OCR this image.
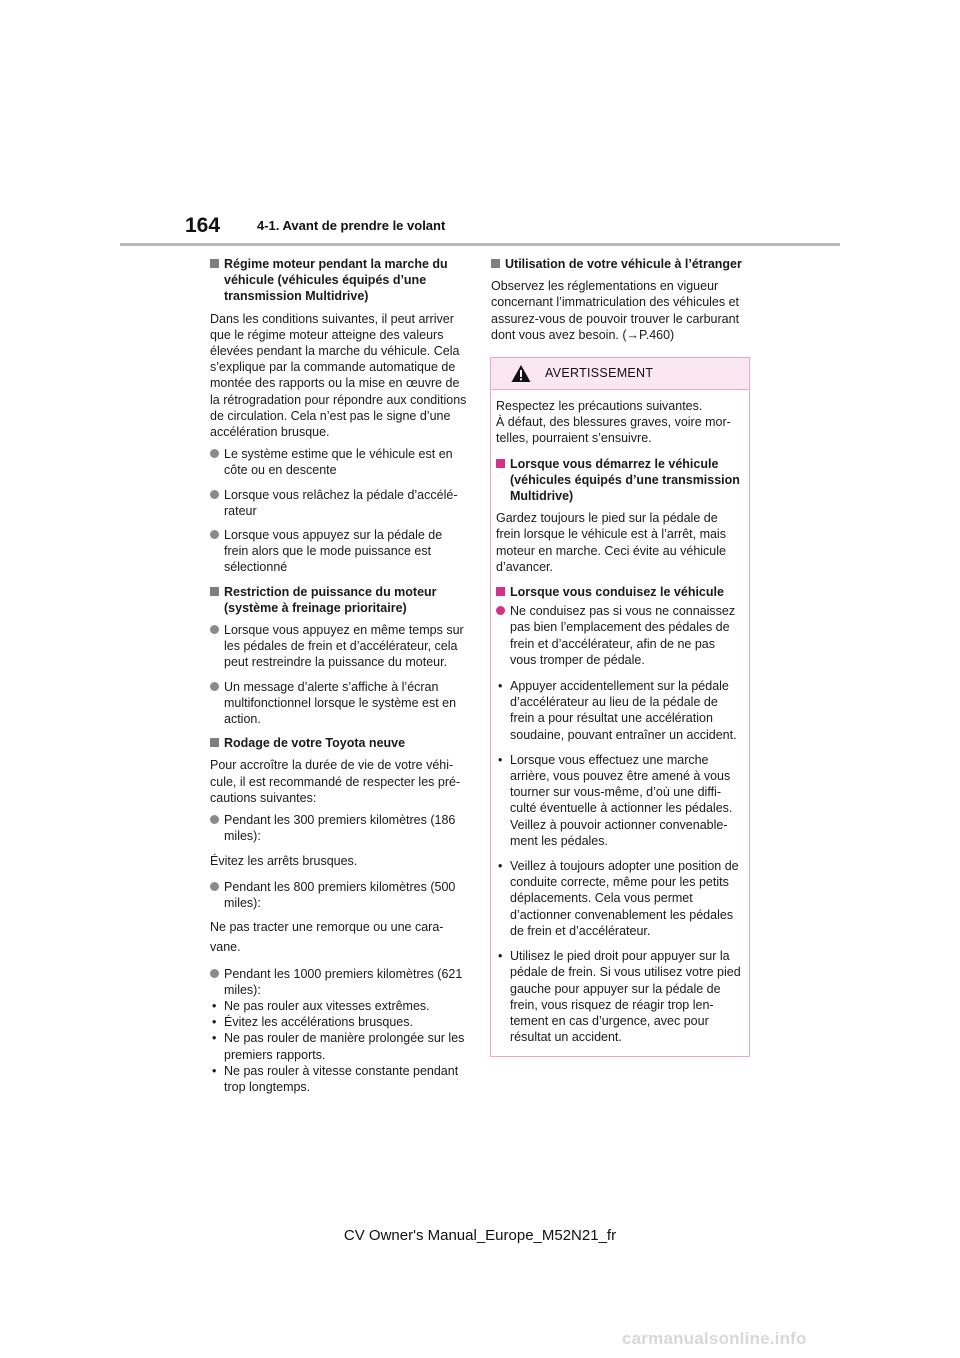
164	4-1. Avant de prendre le volant
Régime moteur pendant la marche du véhicule (véhicules équipés d’une transmission Multidrive)

Dans les conditions suivantes, il peut arriver que le régime moteur atteigne des valeurs élevées pendant la marche du véhicule. Cela s’explique par la commande automatique de montée des rapports ou la mise en œuvre de la rétrogradation pour répondre aux conditions de circulation. Cela n’est pas le signe d’une accélération brusque.

Le système estime que le véhicule est en côte ou en descente
Lorsque vous relâchez la pédale d’accélérateur
Lorsque vous appuyez sur la pédale de frein alors que le mode puissance est sélectionné
Restriction de puissance du moteur (système à freinage prioritaire)
Lorsque vous appuyez en même temps sur les pédales de frein et d’accélérateur, cela peut restreindre la puissance du moteur.
Un message d’alerte s’affiche à l’écran multifonctionnel lorsque le système est en action.
Rodage de votre Toyota neuve

Pour accroître la durée de vie de votre véhicule, il est recommandé de respecter les précautions suivantes:

Pendant les 300 premiers kilomètres (186 miles):

Évitez les arrêts brusques.

Pendant les 800 premiers kilomètres (500 miles):

Ne pas tracter une remorque ou une cara-

vane.

Pendant les 1000 premiers kilomètres (621 miles):
• Ne pas rouler aux vitesses extrêmes.
• Évitez les accélérations brusques.
• Ne pas rouler de manière prolongée sur les premiers rapports.
• Ne pas rouler à vitesse constante pendant trop longtemps.
Utilisation de votre véhicule à l’étranger

Observez les réglementations en vigueur concernant l’immatriculation des véhicules et assurez-vous de pouvoir trouver le carburant dont vous avez besoin. (→P.460)

AVERTISSEMENT

Respectez les précautions suivantes.

À défaut, des blessures graves, voire mortelles, pourraient s’ensuivre.

Lorsque vous démarrez le véhicule (véhicules équipés d’une transmission Multidrive)

Gardez toujours le pied sur la pédale de frein lorsque le véhicule est à l’arrêt, mais moteur en marche. Ceci évite au véhicule d’avancer.

Lorsque vous conduisez le véhicule
Ne conduisez pas si vous ne connaissez pas bien l’emplacement des pédales de frein et d’accélérateur, afin de ne pas vous tromper de pédale.
• Appuyer accidentellement sur la pédale d’accélérateur au lieu de la pédale de frein a pour résultat une accélération soudaine, pouvant entraîner un accident.
• Lorsque vous effectuez une marche arrière, vous pouvez être amené à vous tourner sur vous-même, d’où une difficulté éventuelle à actionner les pédales. Veillez à pouvoir actionner convenablement les pédales.
• Veillez à toujours adopter une position de conduite correcte, même pour les petits déplacements. Cela vous permet d’actionner convenablement les pédales de frein et d’accélérateur.
• Utilisez le pied droit pour appuyer sur la pédale de frein. Si vous utilisez votre pied gauche pour appuyer sur la pédale de frein, vous risquez de réagir trop lentement en cas d’urgence, avec pour résultat un accident.
CV Owner's Manual_Europe_M52N21_fr
carmanualsonline.info
